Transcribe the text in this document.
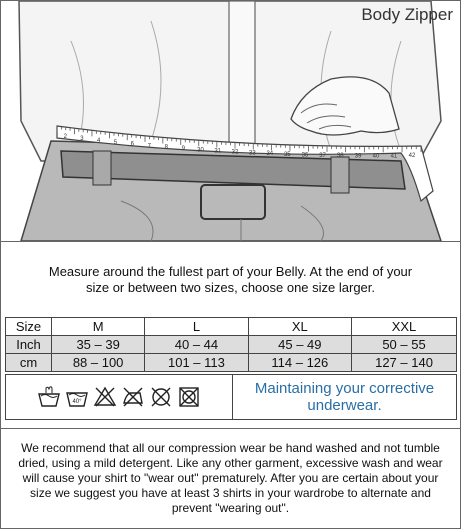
2 3 4 5 6 7 8 9 30 31 32 33 34 35 36 37 38 39 40 41 42
Body Zipper
Measure around the fullest part of your Belly. At the end of your size or between two sizes, choose one size larger.
Size	M	L	XL	XXL
Inch	35 – 39	40 – 44	45 – 49	50 – 55
cm	88 – 100	101 – 113	114 – 126	127 – 140
40°
Maintaining your corrective underwear.
We recommend that all our compression wear be hand washed and not tumble dried, using a mild detergent. Like any other garment, excessive wash and wear will cause your shirt to "wear out" prematurely. After you are certain about your size we suggest you have at least 3 shirts in your wardrobe to alternate and prevent "wearing out".
